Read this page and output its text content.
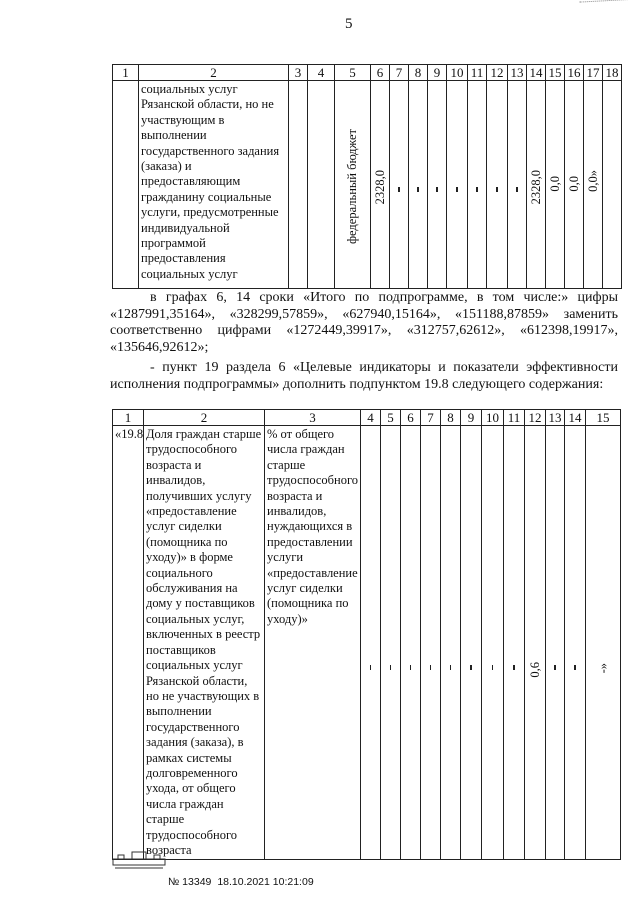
5
1	2	3	4	5	6	7	8	9	10	11	12	13	14	15	16	17	18

	социальных услуг Рязанской области, но не участвующим в выполнении государственного задания (заказа) и предоставляющим гражданину социальные услуги, предусмотренные индивидуальной программой предоставления социальных услуг			федеральный бюджет	2328,0								2328,0	0,0	0,0	0,0»	
в графах 6, 14 сроки «Итого по подпрограмме, в том числе:» цифры «1287991,35164», «328299,57859», «627940,15164», «151188,87859» заменить соответственно цифрами «1272449,39917», «312757,62612», «612398,19917», «135646,92612»;
- пункт 19 раздела 6 «Целевые индикаторы и показатели эффективности исполнения подпрограммы» дополнить подпунктом 19.8 следующего содержания:
1	2	3	4	5	6	7	8	9	10	11	12	13	14	15

«19.8	Доля граждан старше трудоспособного возраста и инвалидов, получивших услугу «предоставление услуг сиделки (помощника по уходу)» в форме социального обслуживания на дому у поставщиков социальных услуг, включенных в реестр поставщиков социальных услуг Рязанской области, но не участвующих в выполнении государственного задания (заказа), в рамках системы долговременного ухода, от общего числа граждан старше трудоспособного возраста	% от общего числа граждан старше трудоспособного возраста и инвалидов, нуждающихся в предоставлении услуги «предоставление услуг сиделки (помощника по уходу)»									0,6			-»
№ 13349 18.10.2021 10:21:09
